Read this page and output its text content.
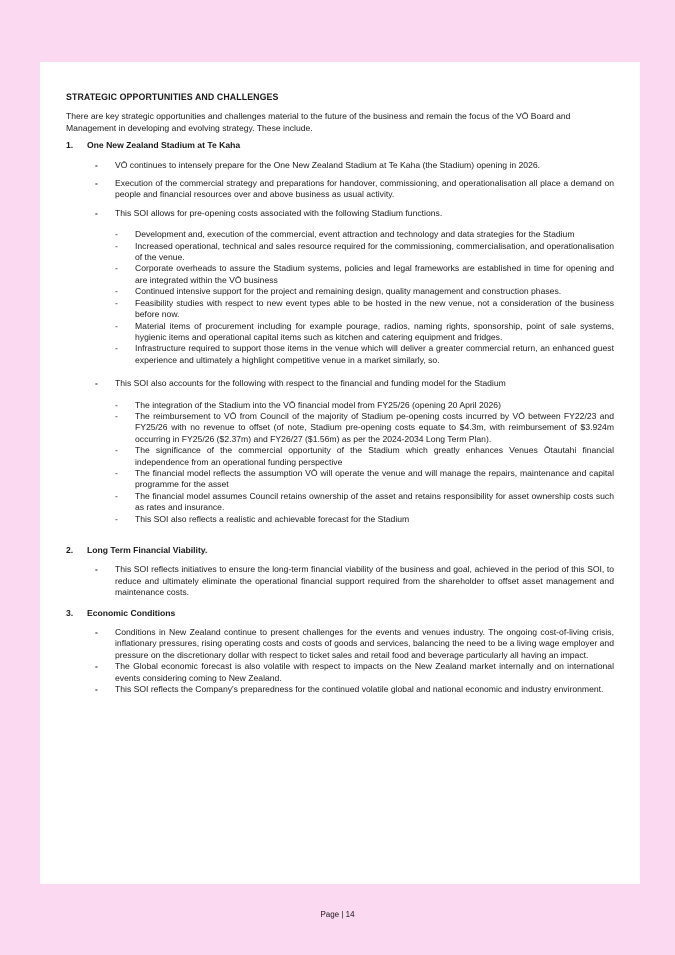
STRATEGIC OPPORTUNITIES AND CHALLENGES
There are key strategic opportunities and challenges material to the future of the business and remain the focus of the VŌ Board and Management in developing and evolving strategy. These include.
1.	One New Zealand Stadium at Te Kaha
-	VŌ continues to intensely prepare for the One New Zealand Stadium at Te Kaha (the Stadium) opening in 2026.
-	Execution of the commercial strategy and preparations for handover, commissioning, and operationalisation all place a demand on people and financial resources over and above business as usual activity.
-	This SOI allows for pre-opening costs associated with the following Stadium functions.
-	Development and, execution of the commercial, event attraction and technology and data strategies for the Stadium
-	Increased operational, technical and sales resource required for the commissioning, commercialisation, and operationalisation of the venue.
-	Corporate overheads to assure the Stadium systems, policies and legal frameworks are established in time for opening and are integrated within the VŌ business
-	Continued intensive support for the project and remaining design, quality management and construction phases.
-	Feasibility studies with respect to new event types able to be hosted in the new venue, not a consideration of the business before now.
-	Material items of procurement including for example pourage, radios, naming rights, sponsorship, point of sale systems, hygienic items and operational capital items such as kitchen and catering equipment and fridges.
-	Infrastructure required to support those items in the venue which will deliver a greater commercial return, an enhanced guest experience and ultimately a highlight competitive venue in a market similarly, so.
-	This SOI also accounts for the following with respect to the financial and funding model for the Stadium
-	The integration of the Stadium into the VŌ financial model from FY25/26 (opening 20 April 2026)
-	The reimbursement to VŌ from Council of the majority of Stadium pe-opening costs incurred by VŌ between FY22/23 and FY25/26 with no revenue to offset (of note, Stadium pre-opening costs equate to $4.3m, with reimbursement of $3.924m occurring in FY25/26 ($2.37m) and FY26/27 ($1.56m) as per the 2024-2034 Long Term Plan).
-	The significance of the commercial opportunity of the Stadium which greatly enhances Venues Ōtautahi financial independence from an operational funding perspective
-	The financial model reflects the assumption VŌ will operate the venue and will manage the repairs, maintenance and capital programme for the asset
-	The financial model assumes Council retains ownership of the asset and retains responsibility for asset ownership costs such as rates and insurance.
-	This SOI also reflects a realistic and achievable forecast for the Stadium
2.	Long Term Financial Viability.
-	This SOI reflects initiatives to ensure the long-term financial viability of the business and goal, achieved in the period of this SOI, to reduce and ultimately eliminate the operational financial support required from the shareholder to offset asset management and maintenance costs.
3.	Economic Conditions
-	Conditions in New Zealand continue to present challenges for the events and venues industry. The ongoing cost-of-living crisis, inflationary pressures, rising operating costs and costs of goods and services, balancing the need to be a living wage employer and pressure on the discretionary dollar with respect to ticket sales and retail food and beverage particularly all having an impact.
-	The Global economic forecast is also volatile with respect to impacts on the New Zealand market internally and on international events considering coming to New Zealand.
-	This SOI reflects the Company's preparedness for the continued volatile global and national economic and industry environment.
Page | 14
